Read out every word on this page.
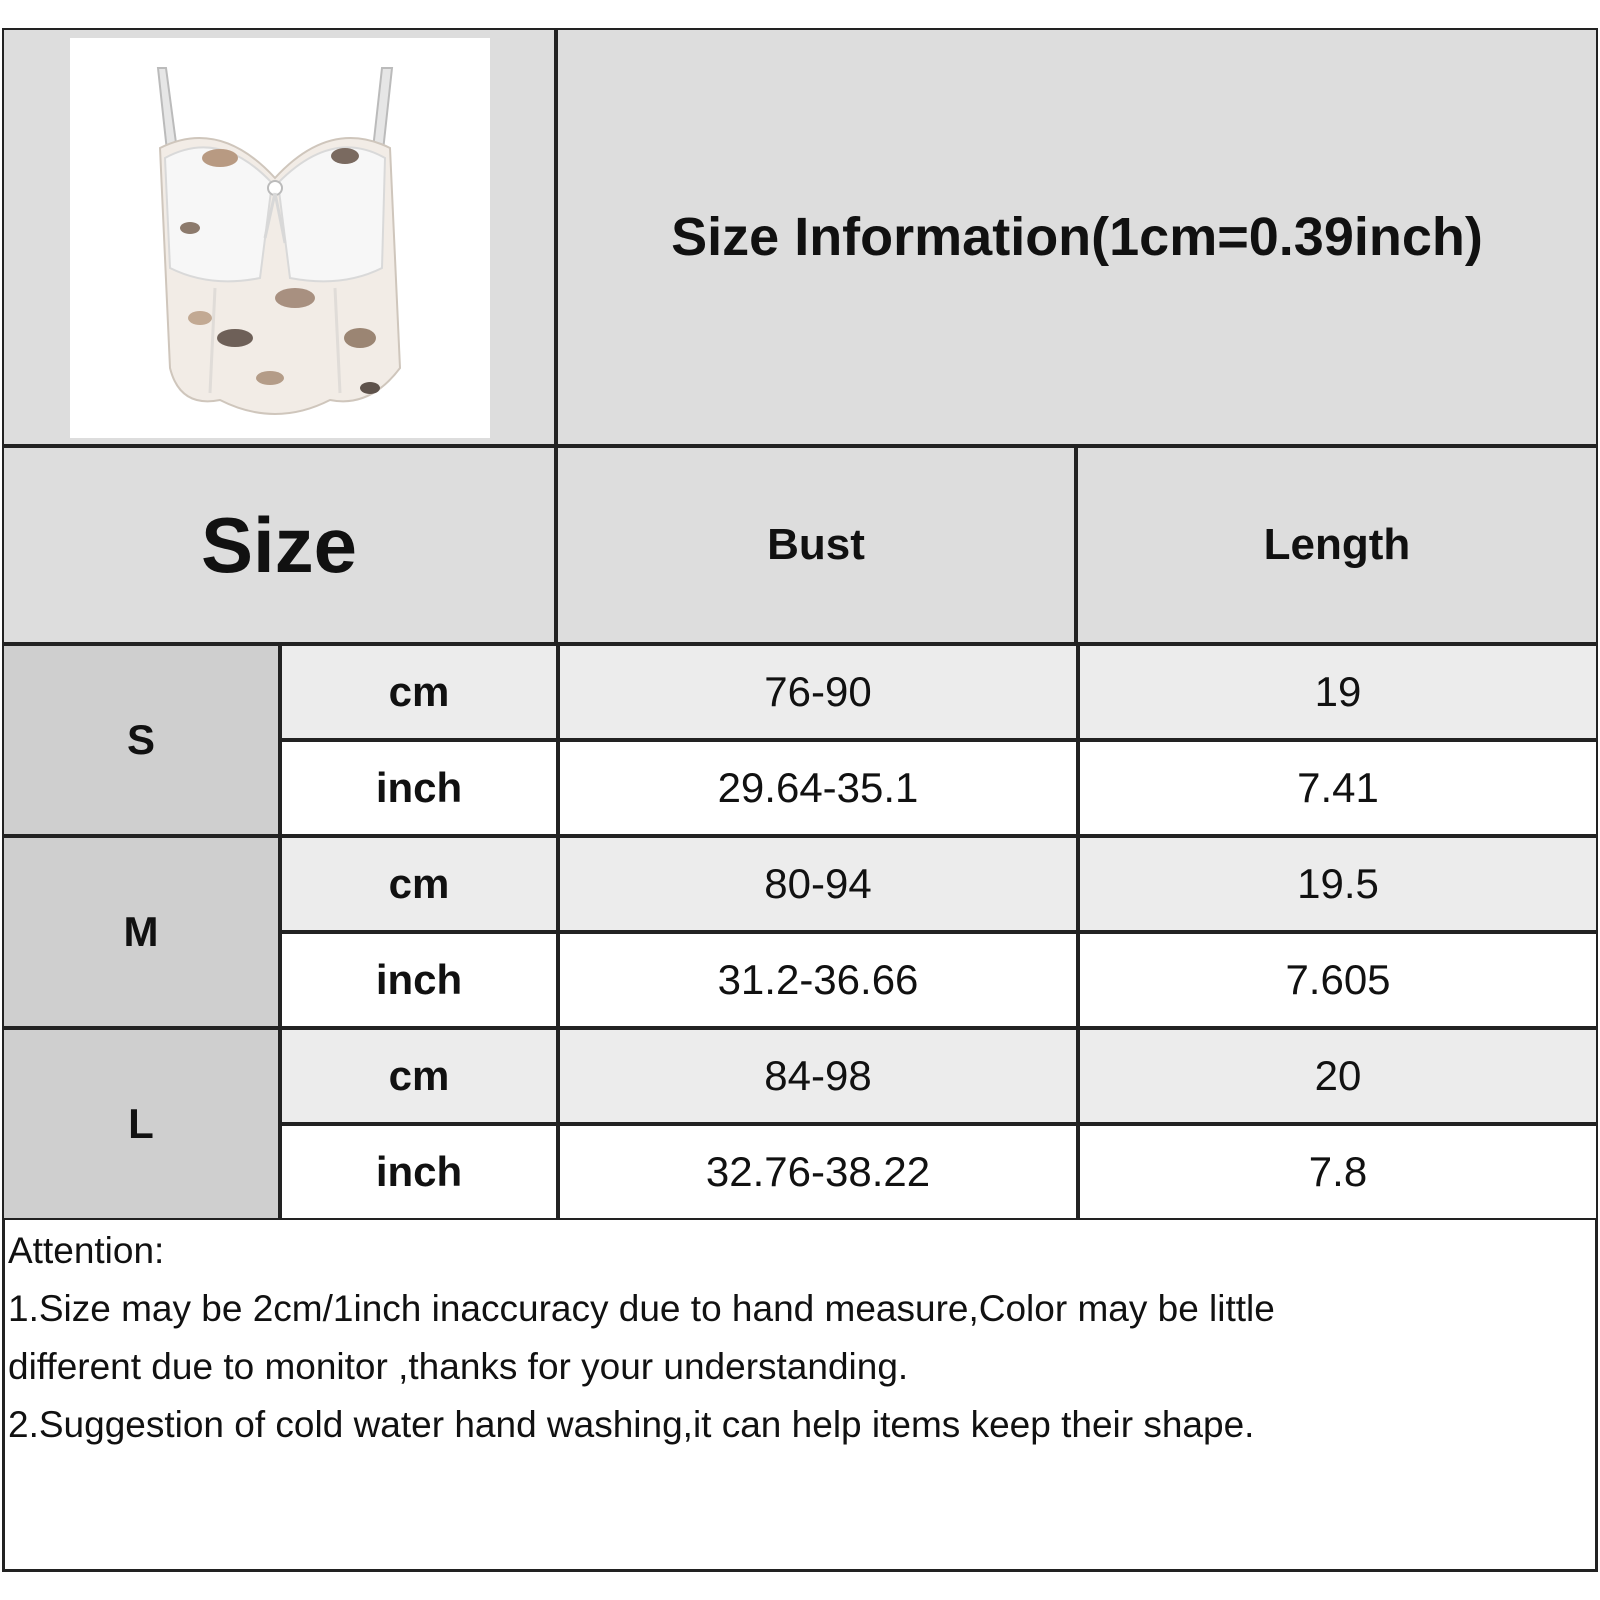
Size Information(1cm=0.39inch)
Size	Bust	Length
S
cm	76-90	19
inch	29.64-35.1	7.41
M
cm	80-94	19.5
inch	31.2-36.66	7.605
L
cm	84-98	20
inch	32.76-38.22	7.8
Attention:
1.Size may be 2cm/1inch inaccuracy due to hand measure,Color may be little
different due to monitor ,thanks for your understanding.
2.Suggestion of cold water hand washing,it can help items keep their shape.
